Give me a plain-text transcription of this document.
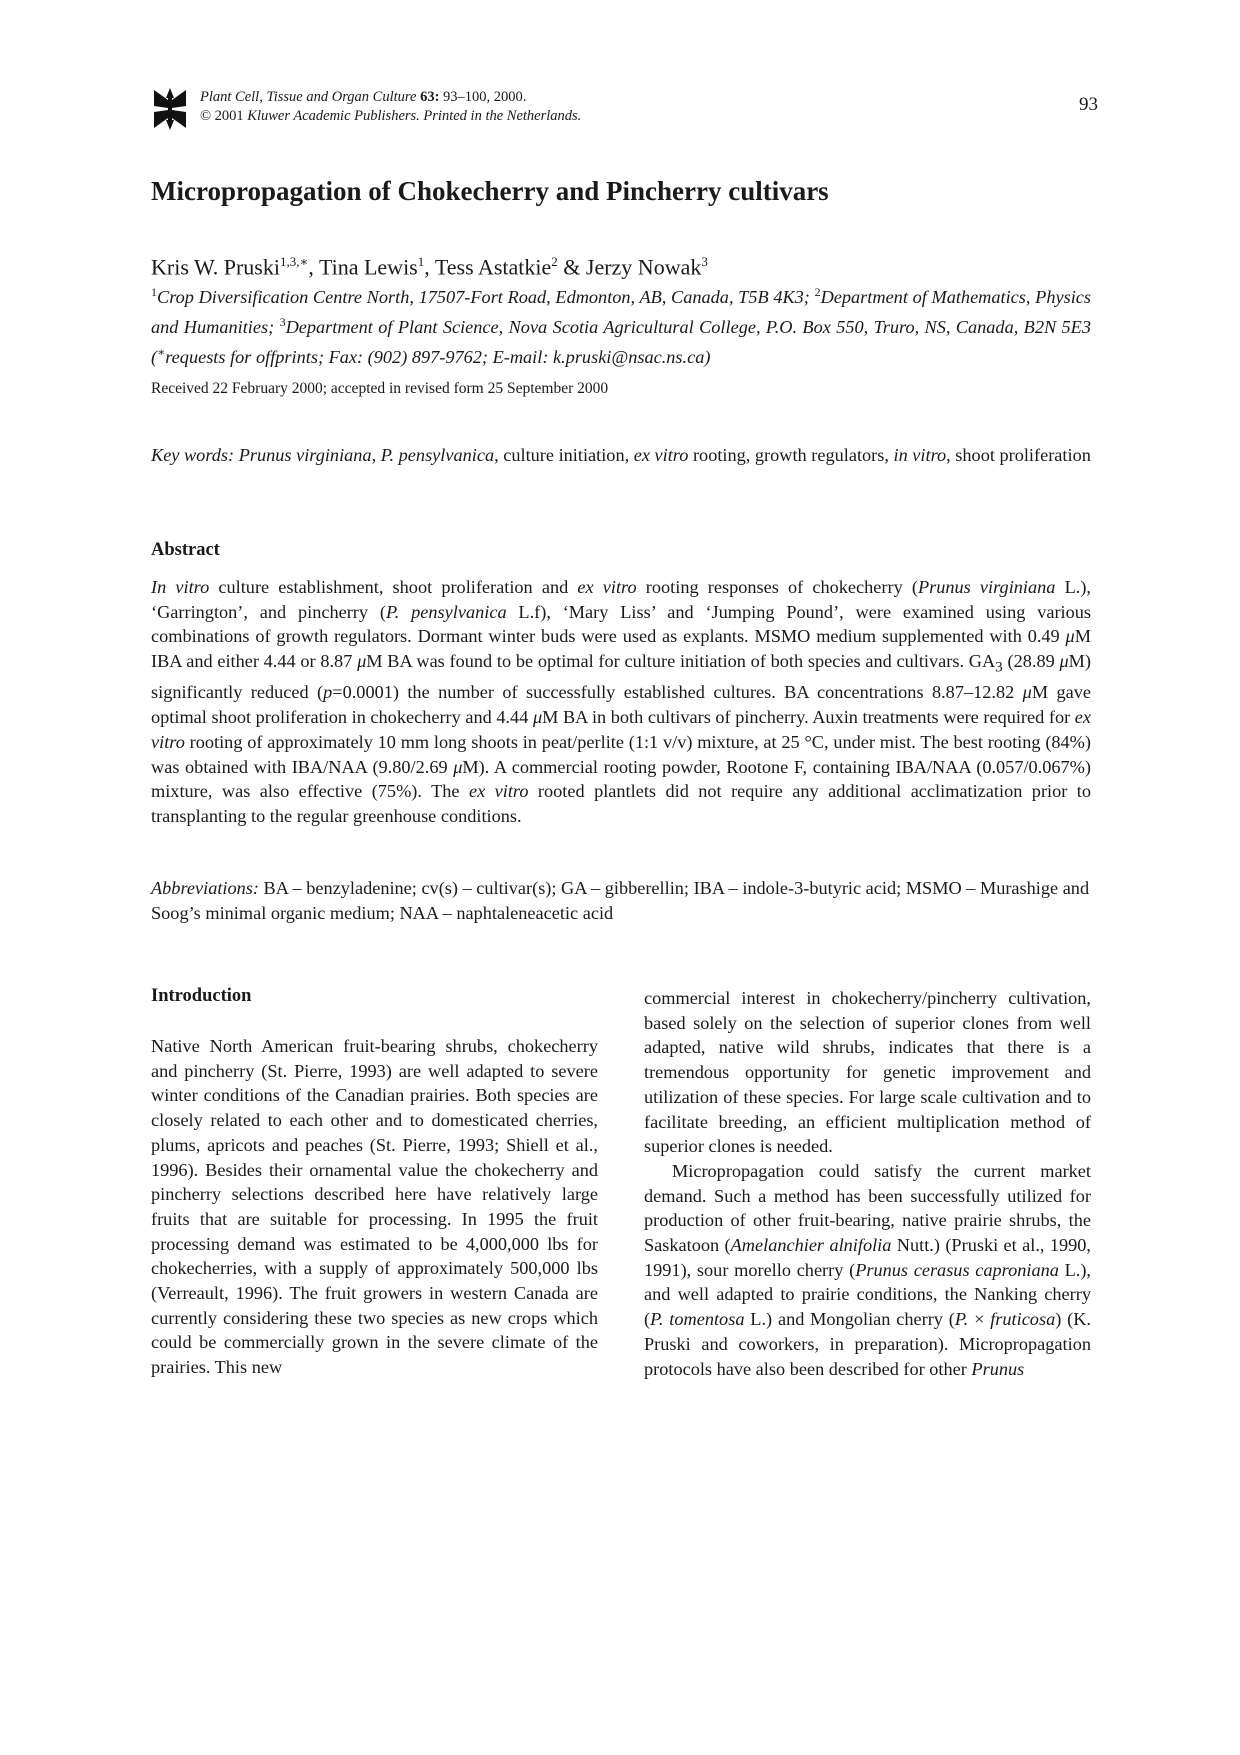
Plant Cell, Tissue and Organ Culture 63: 93–100, 2000.
© 2001 Kluwer Academic Publishers. Printed in the Netherlands.
93
Micropropagation of Chokecherry and Pincherry cultivars
Kris W. Pruski$^{1,3,∗}$, Tina Lewis$^1$, Tess Astatkie$^2$ & Jerzy Nowak$^3$
$^1$Crop Diversification Centre North, 17507-Fort Road, Edmonton, AB, Canada, T5B 4K3; $^2$Department of Mathematics, Physics and Humanities; $^3$Department of Plant Science, Nova Scotia Agricultural College, P.O. Box 550, Truro, NS, Canada, B2N 5E3 (∗requests for offprints; Fax: (902) 897-9762; E-mail: k.pruski@nsac.ns.ca)
Received 22 February 2000; accepted in revised form 25 September 2000
Key words: Prunus virginiana, P. pensylvanica, culture initiation, ex vitro rooting, growth regulators, in vitro, shoot proliferation
Abstract
In vitro culture establishment, shoot proliferation and ex vitro rooting responses of chokecherry (Prunus virginiana L.), ‘Garrington’, and pincherry (P. pensylvanica L.f), ‘Mary Liss’ and ‘Jumping Pound’, were examined using various combinations of growth regulators. Dormant winter buds were used as explants. MSMO medium supplemented with 0.49 μM IBA and either 4.44 or 8.87 μM BA was found to be optimal for culture initiation of both species and cultivars. $GA_3$ (28.89 μM) significantly reduced (p=0.0001) the number of successfully established cultures. BA concentrations 8.87–12.82 μM gave optimal shoot proliferation in chokecherry and 4.44 μM BA in both cultivars of pincherry. Auxin treatments were required for ex vitro rooting of approximately 10 mm long shoots in peat/perlite (1:1 v/v) mixture, at 25 °C, under mist. The best rooting (84%) was obtained with IBA/NAA (9.80/2.69 μM). A commercial rooting powder, Rootone F, containing IBA/NAA (0.057/0.067%) mixture, was also effective (75%). The ex vitro rooted plantlets did not require any additional acclimatization prior to transplanting to the regular greenhouse conditions.
Abbreviations: BA – benzyladenine; cv(s) – cultivar(s); GA – gibberellin; IBA – indole-3-butyric acid; MSMO – Murashige and Soog’s minimal organic medium; NAA – naphtaleneacetic acid
Introduction

Native North American fruit-bearing shrubs, chokecherry and pincherry (St. Pierre, 1993) are well adapted to severe winter conditions of the Canadian prairies. Both species are closely related to each other and to domesticated cherries, plums, apricots and peaches (St. Pierre, 1993; Shiell et al., 1996). Besides their ornamental value the chokecherry and pincherry selections described here have relatively large fruits that are suitable for processing. In 1995 the fruit processing demand was estimated to be 4,000,000 lbs for chokecherries, with a supply of approximately 500,000 lbs (Verreault, 1996). The fruit growers in western Canada are currently considering these two species as new crops which could be commercially grown in the severe climate of the prairies. This new

commercial interest in chokecherry/pincherry cultivation, based solely on the selection of superior clones from well adapted, native wild shrubs, indicates that there is a tremendous opportunity for genetic improvement and utilization of these species. For large scale cultivation and to facilitate breeding, an efficient multiplication method of superior clones is needed.

Micropropagation could satisfy the current market demand. Such a method has been successfully utilized for production of other fruit-bearing, native prairie shrubs, the Saskatoon (Amelanchier alnifolia Nutt.) (Pruski et al., 1990, 1991), sour morello cherry (Prunus cerasus caproniana L.), and well adapted to prairie conditions, the Nanking cherry (P. tomentosa L.) and Mongolian cherry (P. × fruticosa) (K. Pruski and coworkers, in preparation). Micropropagation protocols have also been described for other Prunus
